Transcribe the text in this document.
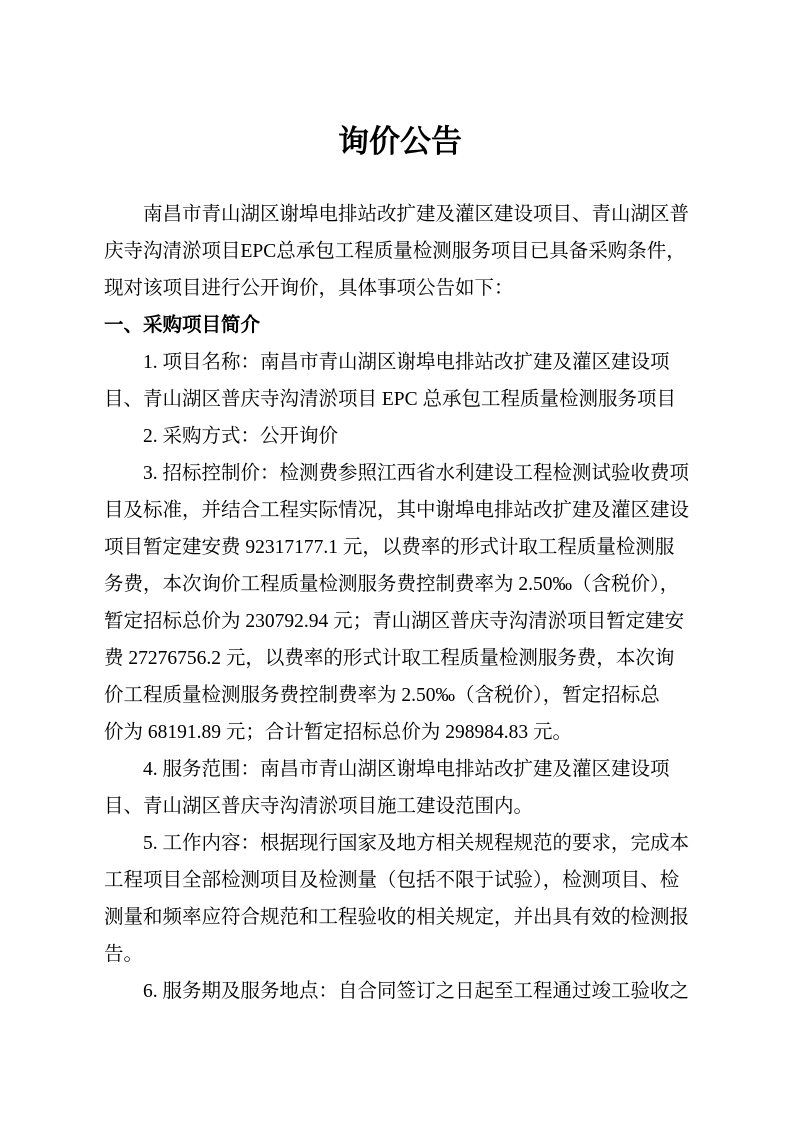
询价公告
南昌市青山湖区谢埠电排站改扩建及灌区建设项目、青山湖区普
庆寺沟清淤项目EPC总承包工程质量检测服务项目已具备采购条件，
现对该项目进行公开询价，具体事项公告如下：
一、采购项目简介
1. 项目名称：南昌市青山湖区谢埠电排站改扩建及灌区建设项
目、青山湖区普庆寺沟清淤项目 EPC 总承包工程质量检测服务项目
2. 采购方式：公开询价
3. 招标控制价：检测费参照江西省水利建设工程检测试验收费项
目及标准，并结合工程实际情况，其中谢埠电排站改扩建及灌区建设
项目暂定建安费 92317177.1 元，以费率的形式计取工程质量检测服
务费，本次询价工程质量检测服务费控制费率为 2.50‰（含税价），
暂定招标总价为 230792.94 元；青山湖区普庆寺沟清淤项目暂定建安
费 27276756.2 元，以费率的形式计取工程质量检测服务费，本次询
价工程质量检测服务费控制费率为 2.50‰（含税价），暂定招标总
价为 68191.89 元；合计暂定招标总价为 298984.83 元。
4. 服务范围：南昌市青山湖区谢埠电排站改扩建及灌区建设项
目、青山湖区普庆寺沟清淤项目施工建设范围内。
5. 工作内容：根据现行国家及地方相关规程规范的要求，完成本
工程项目全部检测项目及检测量（包括不限于试验），检测项目、检
测量和频率应符合规范和工程验收的相关规定，并出具有效的检测报
告。
6. 服务期及服务地点：自合同签订之日起至工程通过竣工验收之
